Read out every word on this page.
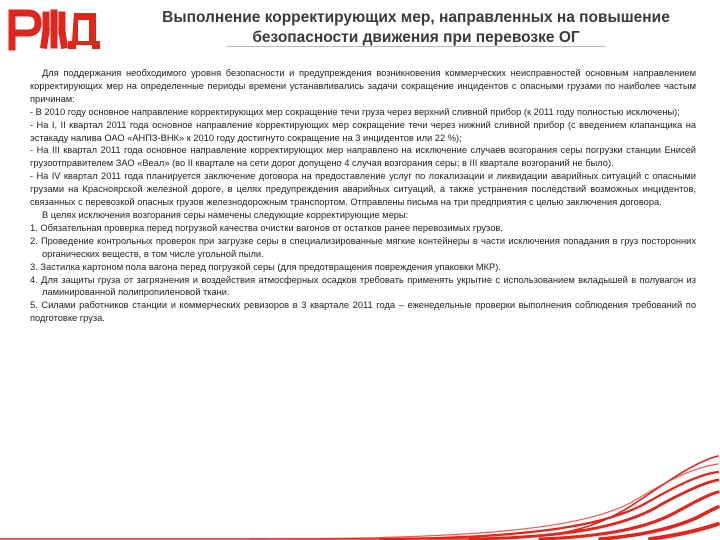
Выполнение корректирующих мер, направленных на повышение
безопасности движения при перевозке ОГ

Для поддержания необходимого уровня безопасности и предупреждения возникновения коммерческих неисправностей основным направлением корректирующих мер на определенные периоды времени устанавливались задачи сокращение инцидентов с опасными грузами по наиболее частым причинам:

- В 2010 году основное направление корректирующих мер сокращение течи груза через верхний сливной прибор (к 2011 году полностью исключены);

- На I, II квартал 2011 года основное направление корректирующих мер сокращение течи через нижний сливной прибор (с введением клапанщика на эстакаду налива ОАО «АНПЗ-ВНК» к 2010 году достигнуто сокращение на 3 инцидентов или 22 %);

- На III квартал 2011 года основное направление корректирующих мер направлено на исключение случаев возгорания серы погрузки станции Енисей грузоотправителем ЗАО «Веал» (во II квартале на сети дорог допущено 4 случая возгорания серы; в III квартале возгораний не было).

- На IV квартал 2011 года планируется заключение договора на предоставление услуг по локализации и ликвидации аварийных ситуаций с опасными грузами на Красноярской железной дороге, в целях предупреждения аварийных ситуаций, а также устранения последствий возможных инцидентов, связанных с перевозкой опасных грузов железнодорожным транспортом. Отправлены письма на три предприятия с целью заключения договора.

В целях исключения возгорания серы намечены следующие корректирующие меры:

1. Обязательная проверка перед погрузкой качества очистки вагонов от остатков ранее перевозимых грузов.

2. Проведение контрольных проверок при загрузке серы в специализированные мягкие контейнеры в части исключения попадания в груз посторонних органических веществ, в том числе угольной пыли.

3. Застилка картоном пола вагона перед погрузкой серы (для предотвращения повреждения упаковки МКР).

4. Для защиты груза от загрязнения и воздействия атмосферных осадков требовать применять укрытие с использованием вкладышей в полувагон из ламинированной полипропиленовой ткани.

5. Силами работников станции и коммерческих ревизоров в 3 квартале 2011 года – еженедельные проверки выполнения соблюдения требований по подготовке груза.
